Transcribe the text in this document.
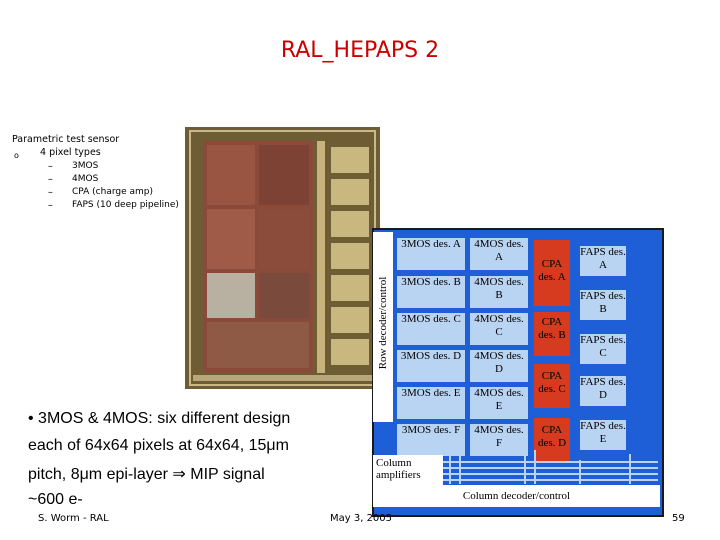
RAL_HEPAPS 2
Parametric test sensor
o 4 pixel types
– 3MOS
– 4MOS
– CPA (charge amp)
– FAPS (10 deep pipeline)
Row decoder/control
3MOS des. A
3MOS des. B
3MOS des. C
3MOS des. D
3MOS des. E
3MOS des. F
4MOS des. A
4MOS des. B
4MOS des. C
4MOS des. D
4MOS des. E
4MOS des. F
CPA des. A
CPA des. B
CPA des. C
CPA des. D
FAPS des. A
FAPS des. B
FAPS des. C
FAPS des. D
FAPS des. E
Column amplifiers
Column decoder/control
• 3MOS & 4MOS: six different design
each of 64x64 pixels at 64x64, 15μm
pitch, 8μm epi-layer ⇒ MIP signal
~600 e-
S. Worm - RAL	May 3, 2005	59
